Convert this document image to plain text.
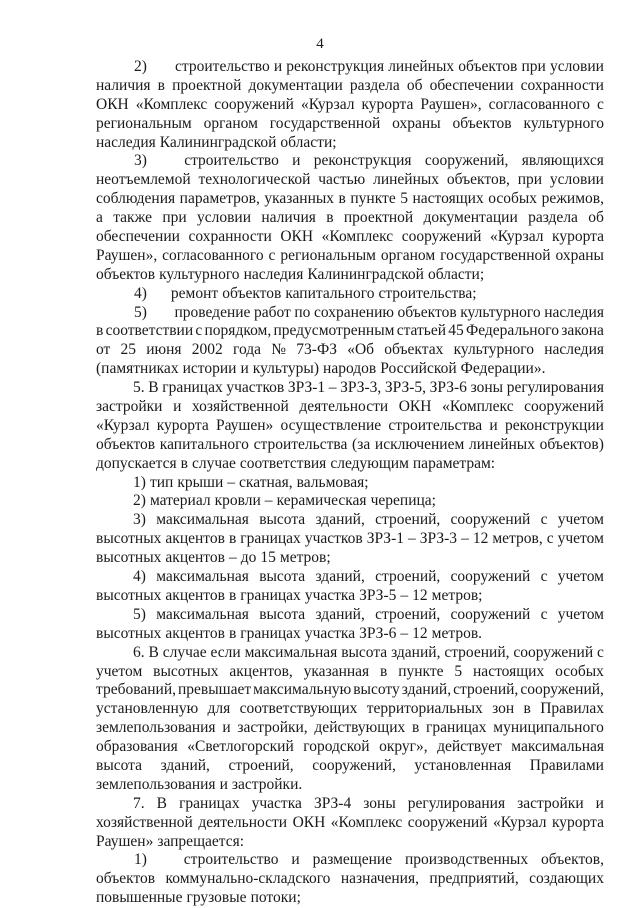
4
2) строительство и реконструкция линейных объектов при условии
наличия в проектной документации раздела об обеспечении сохранности
ОКН «Комплекс сооружений «Курзал курорта Раушен», согласованного с
региональным органом государственной охраны объектов культурного
наследия Калининградской области;
3) строительство и реконструкция сооружений, являющихся
неотъемлемой технологической частью линейных объектов, при условии
соблюдения параметров, указанных в пункте 5 настоящих особых режимов,
а также при условии наличия в проектной документации раздела об
обеспечении сохранности ОКН «Комплекс сооружений «Курзал курорта
Раушен», согласованного с региональным органом государственной охраны
объектов культурного наследия Калининградской области;
4) ремонт объектов капитального строительства;
5) проведение работ по сохранению объектов культурного наследия
в соответствии с порядком, предусмотренным статьей 45 Федерального закона
от 25 июня 2002 года № 73-ФЗ «Об объектах культурного наследия
(памятниках истории и культуры) народов Российской Федерации».
5. В границах участков ЗРЗ-1 – ЗРЗ-3, ЗРЗ-5, ЗРЗ-6 зоны регулирования
застройки и хозяйственной деятельности ОКН «Комплекс сооружений
«Курзал курорта Раушен» осуществление строительства и реконструкции
объектов капитального строительства (за исключением линейных объектов)
допускается в случае соответствия следующим параметрам:
1) тип крыши – скатная, вальмовая;
2) материал кровли – керамическая черепица;
3) максимальная высота зданий, строений, сооружений с учетом
высотных акцентов в границах участков ЗРЗ-1 – ЗРЗ-3 – 12 метров, с учетом
высотных акцентов – до 15 метров;
4) максимальная высота зданий, строений, сооружений с учетом
высотных акцентов в границах участка ЗРЗ-5 – 12 метров;
5) максимальная высота зданий, строений, сооружений с учетом
высотных акцентов в границах участка ЗРЗ-6 – 12 метров.
6. В случае если максимальная высота зданий, строений, сооружений с
учетом высотных акцентов, указанная в пункте 5 настоящих особых
требований, превышает максимальную высоту зданий, строений, сооружений,
установленную для соответствующих территориальных зон в Правилах
землепользования и застройки, действующих в границах муниципального
образования «Светлогорский городской округ», действует максимальная
высота зданий, строений, сооружений, установленная Правилами
землепользования и застройки.
7. В границах участка ЗРЗ-4 зоны регулирования застройки и
хозяйственной деятельности ОКН «Комплекс сооружений «Курзал курорта
Раушен» запрещается:
1) строительство и размещение производственных объектов,
объектов коммунально-складского назначения, предприятий, создающих
повышенные грузовые потоки;
